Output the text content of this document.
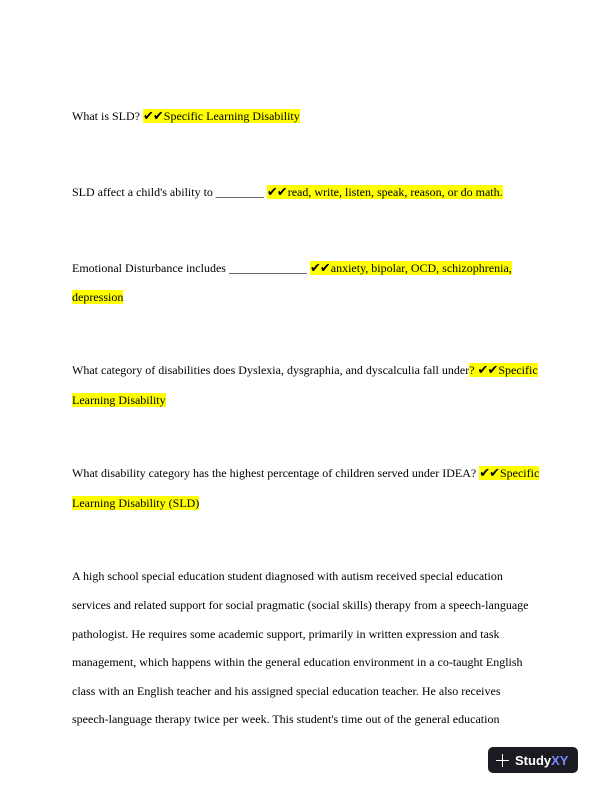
What is SLD? ✔✔Specific Learning Disability
SLD affect a child's ability to ________ ✔✔read, write, listen, speak, reason, or do math.
Emotional Disturbance includes _____________ ✔✔anxiety, bipolar, OCD, schizophrenia,
depression
What category of disabilities does Dyslexia, dysgraphia, and dyscalculia fall under? ✔✔Specific
Learning Disability
What disability category has the highest percentage of children served under IDEA? ✔✔Specific
Learning Disability (SLD)
A high school special education student diagnosed with autism received special education
services and related support for social pragmatic (social skills) therapy from a speech-language
pathologist. He requires some academic support, primarily in written expression and task
management, which happens within the general education environment in a co-taught English
class with an English teacher and his assigned special education teacher. He also receives
speech-language therapy twice per week. This student's time out of the general education
StudyXY
